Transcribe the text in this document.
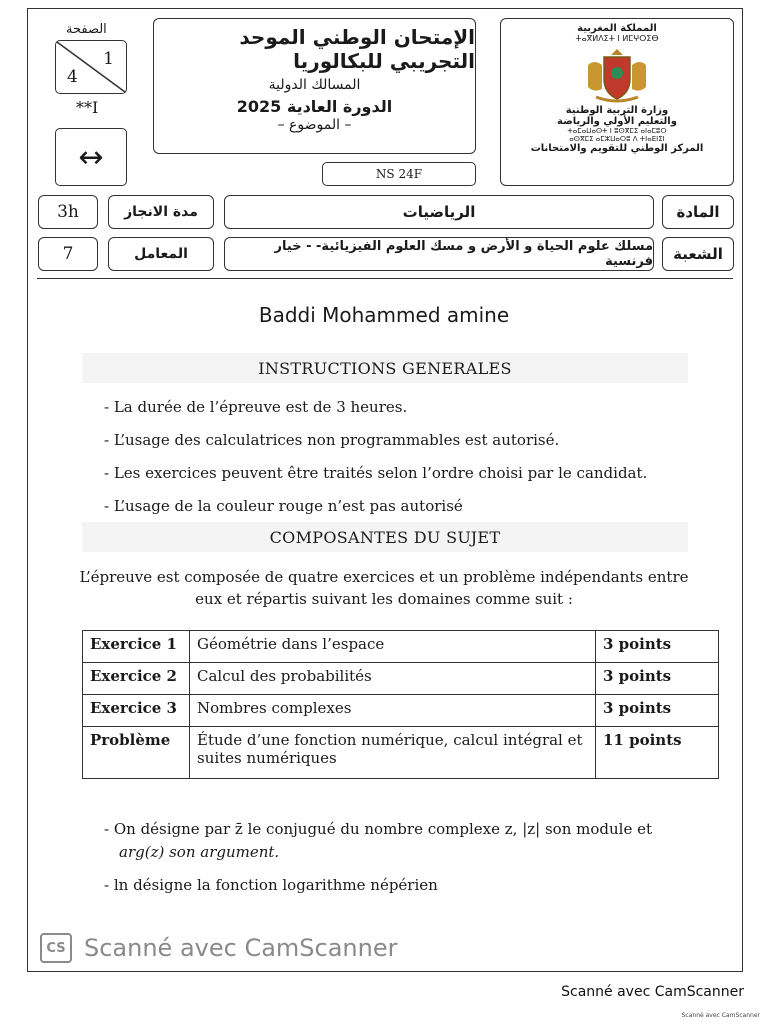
الصفحة
1
4
**I
↔
الإمتحان الوطني الموحد التجريبي للبكالوريا
المسالك الدولية
الدورة العادية 2025
– الموضوع –
NS 24F
المملكة المغربية
ⵜⴰⴳⵍⴷⵉⵜ ⵏ ⵍⵎⵖⵔⵉⴱ
وزارة التربية الوطنية
والتعليم الأولي والرياضة
ⵜⴰⵎⴰⵡⴰⵙⵜ ⵏ ⵓⵙⴳⵎⵉ ⴰⵏⴰⵎⵓⵔ
ⴰⵙⴳⵎⵉ ⴰⵎⵣⵡⴰⵔⵓ ⴷ ⵜⵏⴰⴹⵏⵉⵏ
المركز الوطني للتقويم والامتحانات
3h	مدة الانجاز	الرياضيات	المادة
7	المعامل	مسلك علوم الحياة و الأرض و مسك العلوم الفيزيائية- - خيار فرنسية الشعبة
Baddi Mohammed amine
INSTRUCTIONS GENERALES
- La durée de l’épreuve est de 3 heures.
- L’usage des calculatrices non programmables est autorisé.
- Les exercices peuvent être traités selon l’ordre choisi par le candidat.
- L’usage de la couleur rouge n’est pas autorisé
COMPOSANTES DU SUJET
L’épreuve est composée de quatre exercices et un problème indépendants entre
eux et répartis suivant les domaines comme suit :
Exercice 1	Géométrie dans l’espace	3 points
Exercice 2	Calcul des probabilités	3 points
Exercice 3	Nombres complexes	3 points
Problème	Étude d’une fonction numérique, calcul intégral et suites numériques	11 points
- On désigne par z̄ le conjugué du nombre complexe z, |z| son module et
arg(z) son argument.
- ln désigne la fonction logarithme népérien
CS Scanné avec CamScanner
Scanné avec CamScanner
Scanné avec CamScanner
